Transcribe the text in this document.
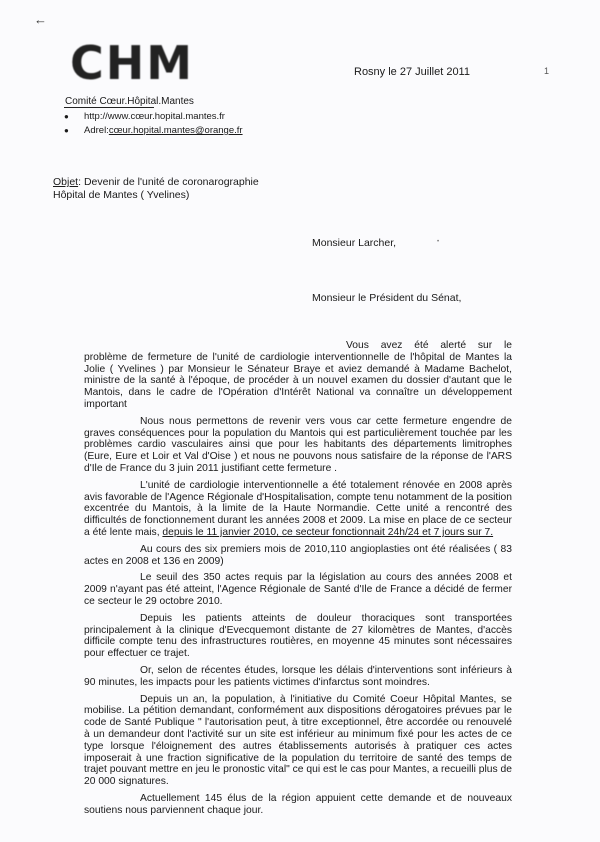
←
CHM	Rosny le 27 Juillet 2011	1
Comité Cœur.Hôpital.Mantes
●	http://www.cœur.hopital.mantes.fr
●	Adrel: cœur.hopital.mantes@orange.fr
Objet: Devenir de l'unité de coronarographie
Hôpital de Mantes ( Yvelines)
Monsieur Larcher,	•
Monsieur le Président du Sénat,

Vous avez été alerté sur le problème de fermeture de l'unité de cardiologie interventionnelle de l'hôpital de Mantes la Jolie ( Yvelines ) par Monsieur le Sénateur Braye et aviez demandé à Madame Bachelot, ministre de la santé à l'époque, de procéder à un nouvel examen du dossier d'autant que le Mantois, dans le cadre de l'Opération d'Intérêt National va connaître un développement important

Nous nous permettons de revenir vers vous car cette fermeture engendre de graves conséquences pour la population du Mantois qui est particulièrement touchée par les problèmes cardio vasculaires ainsi que pour les habitants des départements limitrophes (Eure, Eure et Loir et Val d'Oise ) et nous ne pouvons nous satisfaire de la réponse de l'ARS d'Ile de France du 3 juin 2011 justifiant cette fermeture .

L'unité de cardiologie interventionnelle a été totalement rénovée en 2008 après avis favorable de l'Agence Régionale d'Hospitalisation, compte tenu notamment de la position excentrée du Mantois, à la limite de la Haute Normandie. Cette unité a rencontré des difficultés de fonctionnement durant les années 2008 et 2009. La mise en place de ce secteur a été lente mais, depuis le 11 janvier 2010, ce secteur fonctionnait 24h/24 et 7 jours sur 7.

Au cours des six premiers mois de 2010,110 angioplasties ont été réalisées ( 83 actes en 2008 et 136 en 2009)

Le seuil des 350 actes requis par la législation au cours des années 2008 et 2009 n'ayant pas été atteint, l'Agence Régionale de Santé d'Ile de France a décidé de fermer ce secteur le 29 octobre 2010.

Depuis les patients atteints de douleur thoraciques sont transportées principalement à la clinique d'Evecquemont distante de 27 kilomètres de Mantes, d'accès difficile compte tenu des infrastructures routières, en moyenne 45 minutes sont nécessaires pour effectuer ce trajet.

Or, selon de récentes études, lorsque les délais d'interventions sont inférieurs à 90 minutes, les impacts pour les patients victimes d'infarctus sont moindres.

Depuis un an, la population, à l'initiative du Comité Coeur Hôpital Mantes, se mobilise. La pétition demandant, conformément aux dispositions dérogatoires prévues par le code de Santé Publique " l'autorisation peut, à titre exceptionnel, être accordée ou renouvelé à un demandeur dont l'activité sur un site est inférieur au minimum fixé pour les actes de ce type lorsque l'éloignement des autres établissements autorisés à pratiquer ces actes imposerait à une fraction significative de la population du territoire de santé des temps de trajet pouvant mettre en jeu le pronostic vital" ce qui est le cas pour Mantes, a recueilli plus de 20 000 signatures.

Actuellement 145 élus de la région appuient cette demande et de nouveaux soutiens nous parviennent chaque jour.
